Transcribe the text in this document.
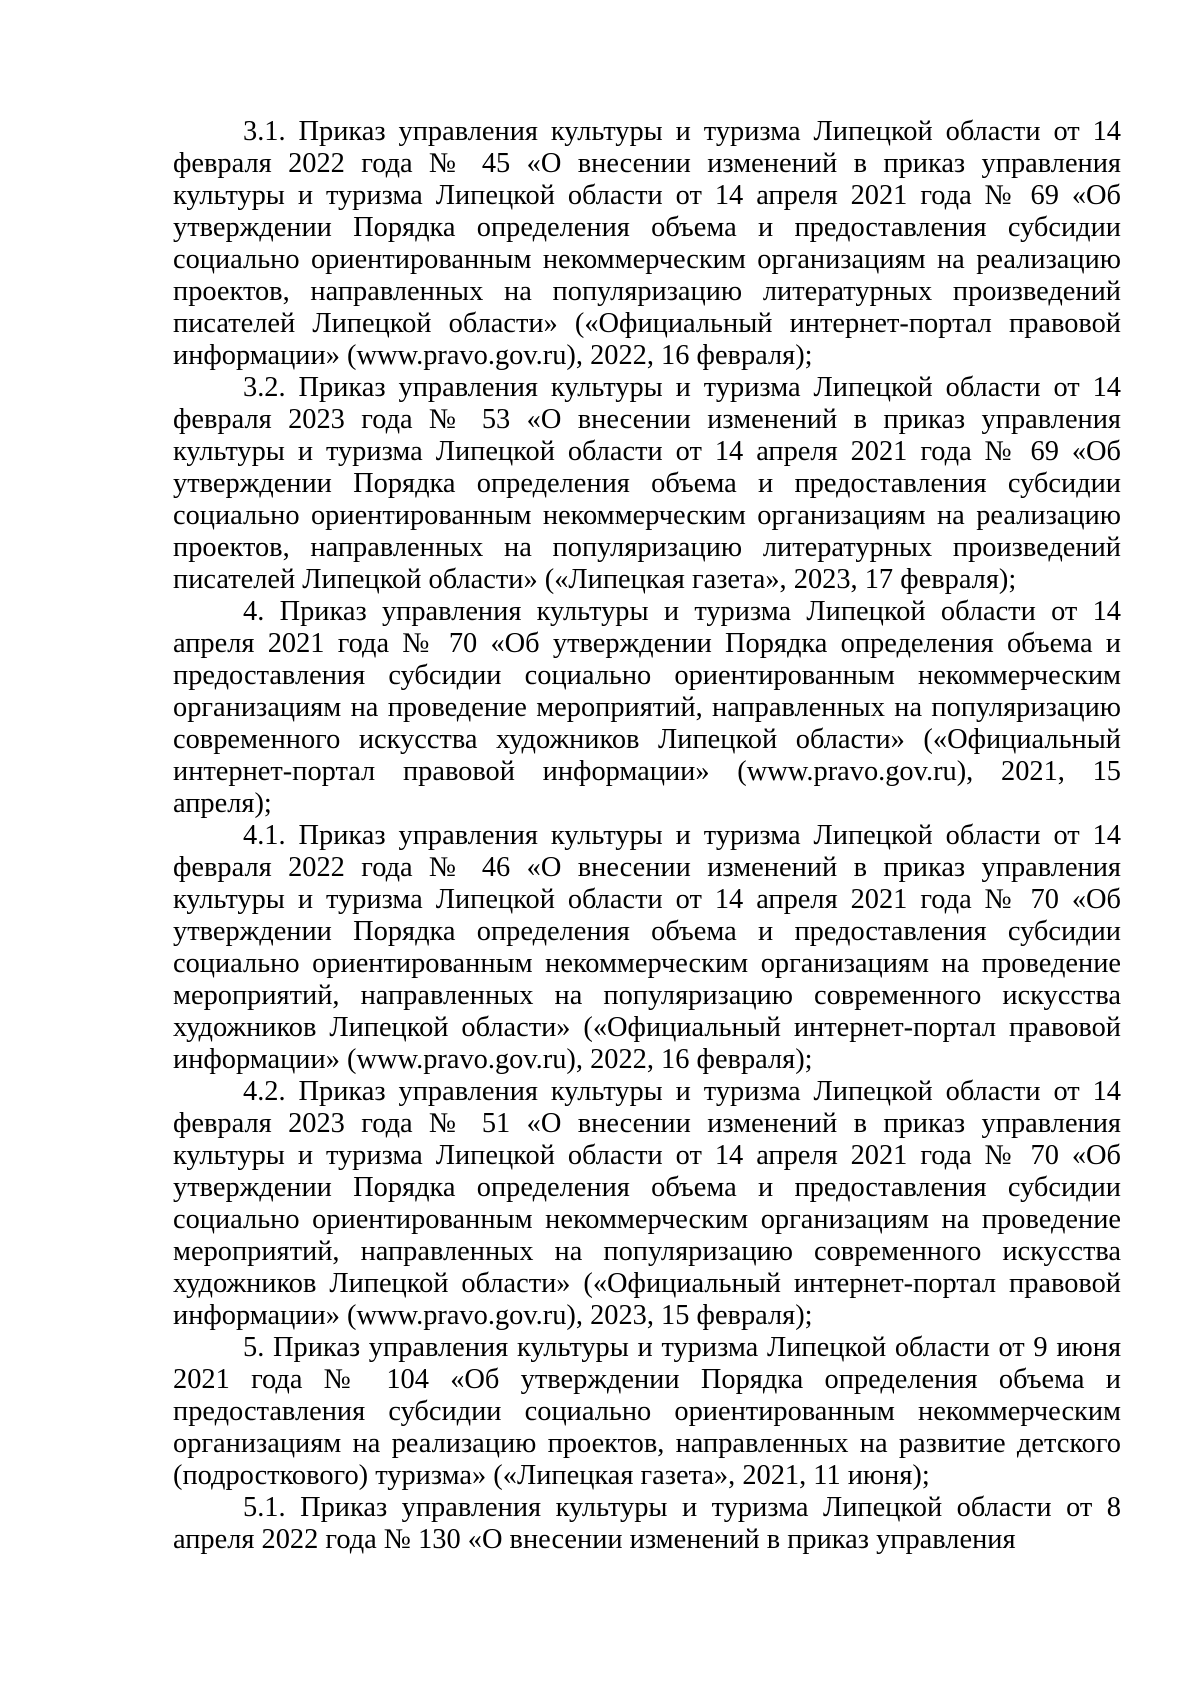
3.1. Приказ управления культуры и туризма Липецкой области от 14 февраля 2022 года № 45 «О внесении изменений в приказ управления культуры и туризма Липецкой области от 14 апреля 2021 года № 69 «Об утверждении Порядка определения объема и предоставления субсидии социально ориентированным некоммерческим организациям на реализацию проектов, направленных на популяризацию литературных произведений писателей Липецкой области» («Официальный интернет-портал правовой информации» (www.pravo.gov.ru), 2022, 16 февраля);

3.2. Приказ управления культуры и туризма Липецкой области от 14 февраля 2023 года № 53 «О внесении изменений в приказ управления культуры и туризма Липецкой области от 14 апреля 2021 года № 69 «Об утверждении Порядка определения объема и предоставления субсидии социально ориентированным некоммерческим организациям на реализацию проектов, направленных на популяризацию литературных произведений писателей Липецкой области» («Липецкая газета», 2023, 17 февраля);

4. Приказ управления культуры и туризма Липецкой области от 14 апреля 2021 года № 70 «Об утверждении Порядка определения объема и предоставления субсидии социально ориентированным некоммерческим организациям на проведение мероприятий, направленных на популяризацию современного искусства художников Липецкой области» («Официальный интернет-портал правовой информации» (www.pravo.gov.ru), 2021, 15 апреля);

4.1. Приказ управления культуры и туризма Липецкой области от 14 февраля 2022 года № 46 «О внесении изменений в приказ управления культуры и туризма Липецкой области от 14 апреля 2021 года № 70 «Об утверждении Порядка определения объема и предоставления субсидии социально ориентированным некоммерческим организациям на проведение мероприятий, направленных на популяризацию современного искусства художников Липецкой области» («Официальный интернет-портал правовой информации» (www.pravo.gov.ru), 2022, 16 февраля);

4.2. Приказ управления культуры и туризма Липецкой области от 14 февраля 2023 года № 51 «О внесении изменений в приказ управления культуры и туризма Липецкой области от 14 апреля 2021 года № 70 «Об утверждении Порядка определения объема и предоставления субсидии социально ориентированным некоммерческим организациям на проведение мероприятий, направленных на популяризацию современного искусства художников Липецкой области» («Официальный интернет-портал правовой информации» (www.pravo.gov.ru), 2023, 15 февраля);

5. Приказ управления культуры и туризма Липецкой области от 9 июня 2021 года № 104 «Об утверждении Порядка определения объема и предоставления субсидии социально ориентированным некоммерческим организациям на реализацию проектов, направленных на развитие детского (подросткового) туризма» («Липецкая газета», 2021, 11 июня);

5.1. Приказ управления культуры и туризма Липецкой области от 8 апреля 2022 года № 130 «О внесении изменений в приказ управления
